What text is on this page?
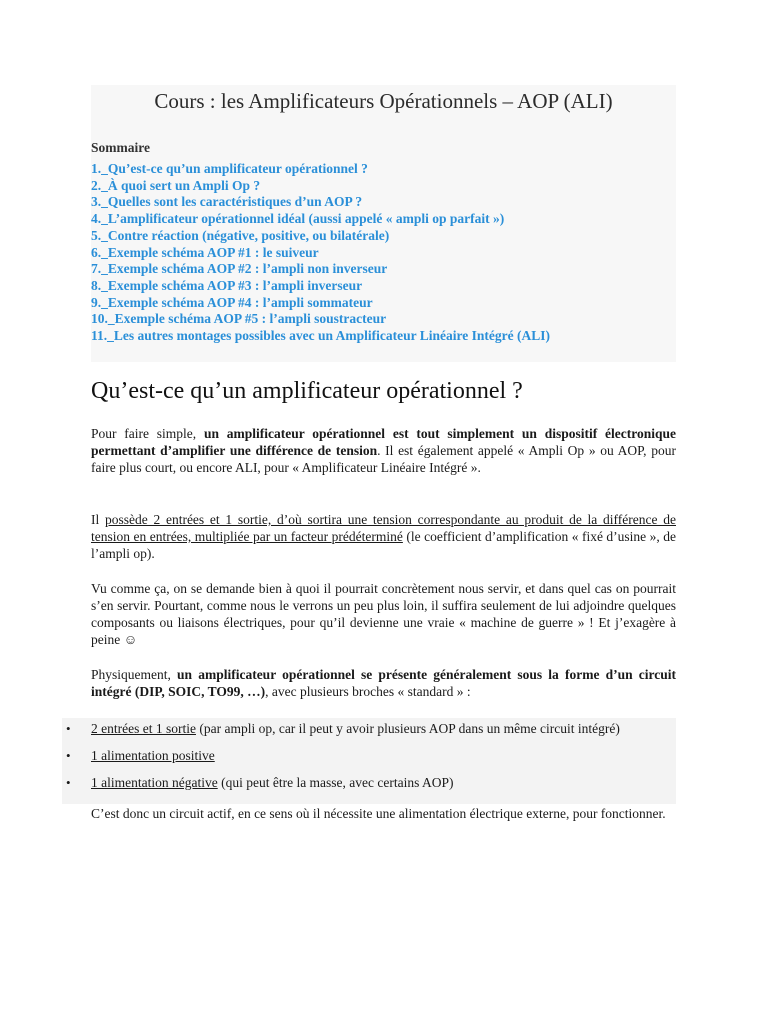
Cours : les Amplificateurs Opérationnels – AOP (ALI)
Sommaire
1._Qu’est-ce qu’un amplificateur opérationnel ?
2._À quoi sert un Ampli Op ?
3._Quelles sont les caractéristiques d’un AOP ?
4._L’amplificateur opérationnel idéal (aussi appelé « ampli op parfait »)
5._Contre réaction (négative, positive, ou bilatérale)
6._Exemple schéma AOP #1 : le suiveur
7._Exemple schéma AOP #2 : l’ampli non inverseur
8._Exemple schéma AOP #3 : l’ampli inverseur
9._Exemple schéma AOP #4 : l’ampli sommateur
10._Exemple schéma AOP #5 : l’ampli soustracteur
11._Les autres montages possibles avec un Amplificateur Linéaire Intégré (ALI)
Qu’est-ce qu’un amplificateur opérationnel ?

Pour faire simple, un amplificateur opérationnel est tout simplement un dispositif électronique permettant d’amplifier une différence de tension. Il est également appelé « Ampli Op » ou AOP, pour faire plus court, ou encore ALI, pour « Amplificateur Linéaire Intégré ».

Il possède 2 entrées et 1 sortie, d’où sortira une tension correspondante au produit de la différence de tension en entrées, multipliée par un facteur prédéterminé (le coefficient d’amplification « fixé d’usine », de l’ampli op).

Vu comme ça, on se demande bien à quoi il pourrait concrètement nous servir, et dans quel cas on pourrait s’en servir. Pourtant, comme nous le verrons un peu plus loin, il suffira seulement de lui adjoindre quelques composants ou liaisons électriques, pour qu’il devienne une vraie « machine de guerre » ! Et j’exagère à peine ☺

Physiquement, un amplificateur opérationnel se présente généralement sous la forme d’un circuit intégré (DIP, SOIC, TO99, …), avec plusieurs broches « standard » :

• 2 entrées et 1 sortie (par ampli op, car il peut y avoir plusieurs AOP dans un même circuit intégré)
• 1 alimentation positive
• 1 alimentation négative (qui peut être la masse, avec certains AOP)

C’est donc un circuit actif, en ce sens où il nécessite une alimentation électrique externe, pour fonctionner.
